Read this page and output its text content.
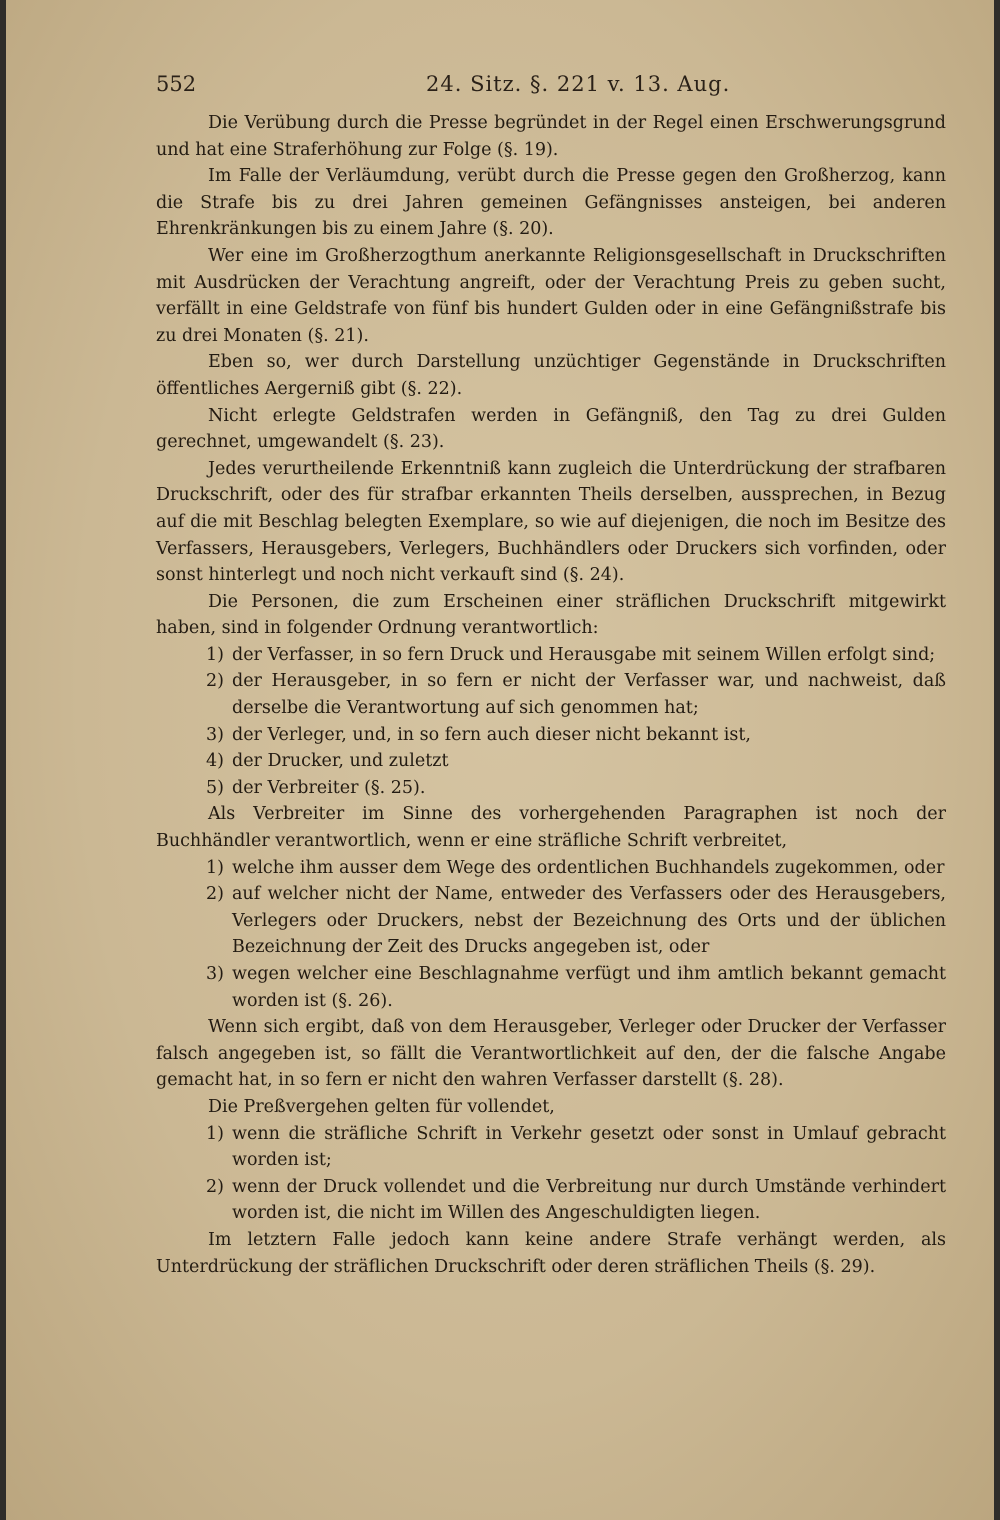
552	24. Sitz. §. 221 v. 13. Aug.

Die Verübung durch die Presse begründet in der Regel einen Erschwerungsgrund und hat eine Straferhöhung zur Folge (§. 19).

Im Falle der Verläumdung, verübt durch die Presse gegen den Großherzog, kann die Strafe bis zu drei Jahren gemeinen Gefängnisses ansteigen, bei anderen Ehrenkränkungen bis zu einem Jahre (§. 20).

Wer eine im Großherzogthum anerkannte Religionsgesellschaft in Druckschriften mit Ausdrücken der Verachtung angreift, oder der Verachtung Preis zu geben sucht, verfällt in eine Geldstrafe von fünf bis hundert Gulden oder in eine Gefängnißstrafe bis zu drei Monaten (§. 21).

Eben so, wer durch Darstellung unzüchtiger Gegenstände in Druckschriften öffentliches Aergerniß gibt (§. 22).

Nicht erlegte Geldstrafen werden in Gefängniß, den Tag zu drei Gulden gerechnet, umgewandelt (§. 23).

Jedes verurtheilende Erkenntniß kann zugleich die Unterdrückung der strafbaren Druckschrift, oder des für strafbar erkannten Theils derselben, aussprechen, in Bezug auf die mit Beschlag belegten Exemplare, so wie auf diejenigen, die noch im Besitze des Verfassers, Herausgebers, Verlegers, Buchhändlers oder Druckers sich vorfinden, oder sonst hinterlegt und noch nicht verkauft sind (§. 24).

Die Personen, die zum Erscheinen einer sträflichen Druckschrift mitgewirkt haben, sind in folgender Ordnung verantwortlich:

1) der Verfasser, in so fern Druck und Herausgabe mit seinem Willen erfolgt sind;

2) der Herausgeber, in so fern er nicht der Verfasser war, und nachweist, daß derselbe die Verantwortung auf sich genommen hat;

3) der Verleger, und, in so fern auch dieser nicht bekannt ist,

4) der Drucker, und zuletzt

5) der Verbreiter (§. 25).

Als Verbreiter im Sinne des vorhergehenden Paragraphen ist noch der Buchhändler verantwortlich, wenn er eine sträfliche Schrift verbreitet,

1) welche ihm ausser dem Wege des ordentlichen Buchhandels zugekommen, oder

2) auf welcher nicht der Name, entweder des Verfassers oder des Herausgebers, Verlegers oder Druckers, nebst der Bezeichnung des Orts und der üblichen Bezeichnung der Zeit des Drucks angegeben ist, oder

3) wegen welcher eine Beschlagnahme verfügt und ihm amtlich bekannt gemacht worden ist (§. 26).

Wenn sich ergibt, daß von dem Herausgeber, Verleger oder Drucker der Verfasser falsch angegeben ist, so fällt die Verantwortlichkeit auf den, der die falsche Angabe gemacht hat, in so fern er nicht den wahren Verfasser darstellt (§. 28).

Die Preßvergehen gelten für vollendet,

1) wenn die sträfliche Schrift in Verkehr gesetzt oder sonst in Umlauf gebracht worden ist;

2) wenn der Druck vollendet und die Verbreitung nur durch Umstände verhindert worden ist, die nicht im Willen des Angeschuldigten liegen.

Im letztern Falle jedoch kann keine andere Strafe verhängt werden, als Unterdrückung der sträflichen Druckschrift oder deren sträflichen Theils (§. 29).
